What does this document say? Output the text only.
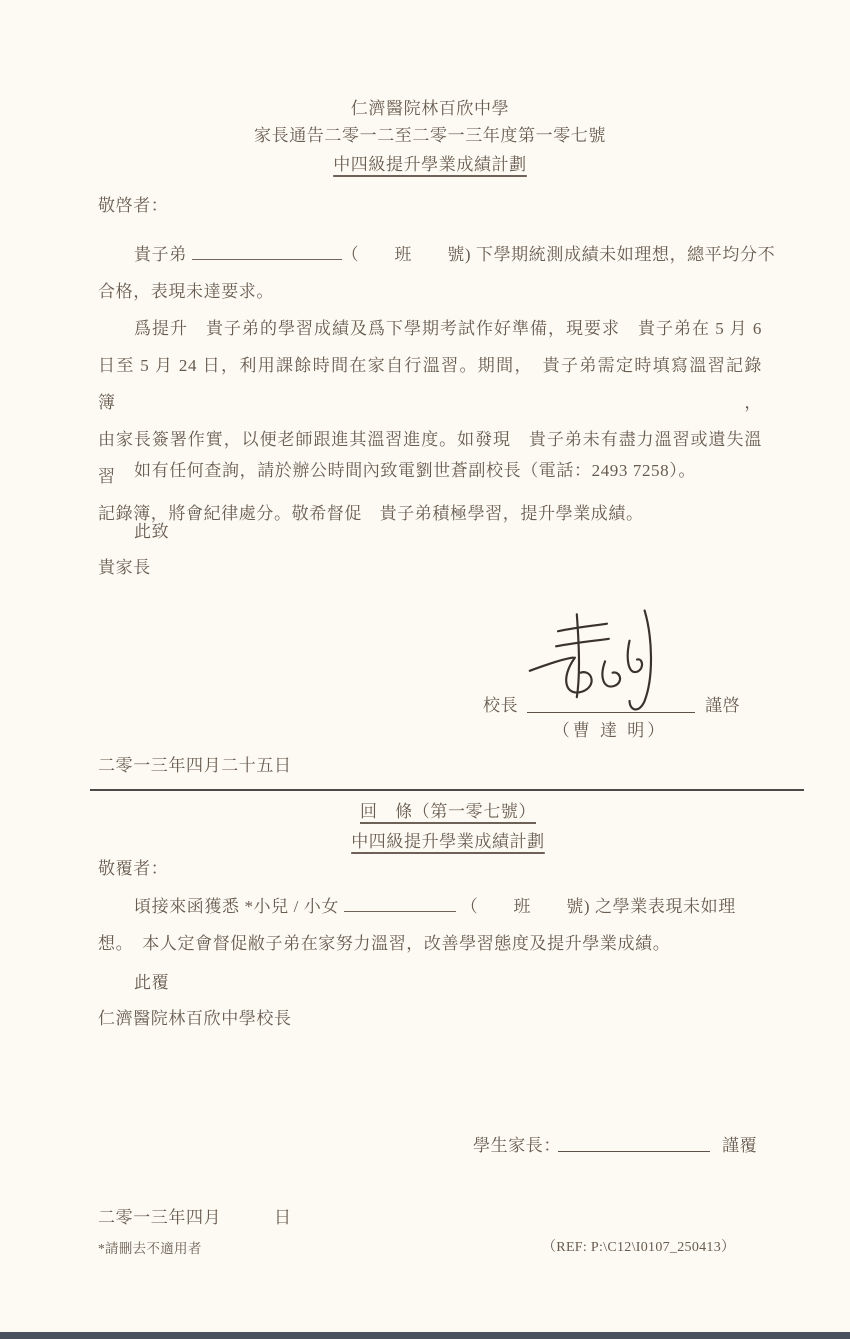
仁濟醫院林百欣中學
家長通告二零一二至二零一三年度第一零七號
中四級提升學業成績計劃
敬啓者：
貴子弟	（　　班　　號) 下學期統測成績未如理想，總平均分不
合格，表現未達要求。
爲提升　貴子弟的學習成績及爲下學期考試作好準備，現要求　貴子弟在 5 月 6
日至 5 月 24 日，利用課餘時間在家自行溫習。期間，　貴子弟需定時填寫溫習記錄簿，
由家長簽署作實，以便老師跟進其溫習進度。如發現　貴子弟未有盡力溫習或遺失溫習
記錄簿，將會紀律處分。敬希督促　貴子弟積極學習，提升學業成績。
如有任何查詢，請於辦公時間內致電劉世蒼副校長（電話：2493 7258）。
此致
貴家長
校長	謹啓
（曹 達 明）
二零一三年四月二十五日
回　條（第一零七號）
中四級提升學業成績計劃
敬覆者：
頃接來函獲悉 *小兒 / 小女	（　　班　　號) 之學業表現未如理
想。　本人定會督促敝子弟在家努力溫習，改善學習態度及提升學業成績。
此覆
仁濟醫院林百欣中學校長
學生家長：	謹覆
二零一三年四月　　　日
*請刪去不適用者	（REF: P:\C12\I0107_250413）
